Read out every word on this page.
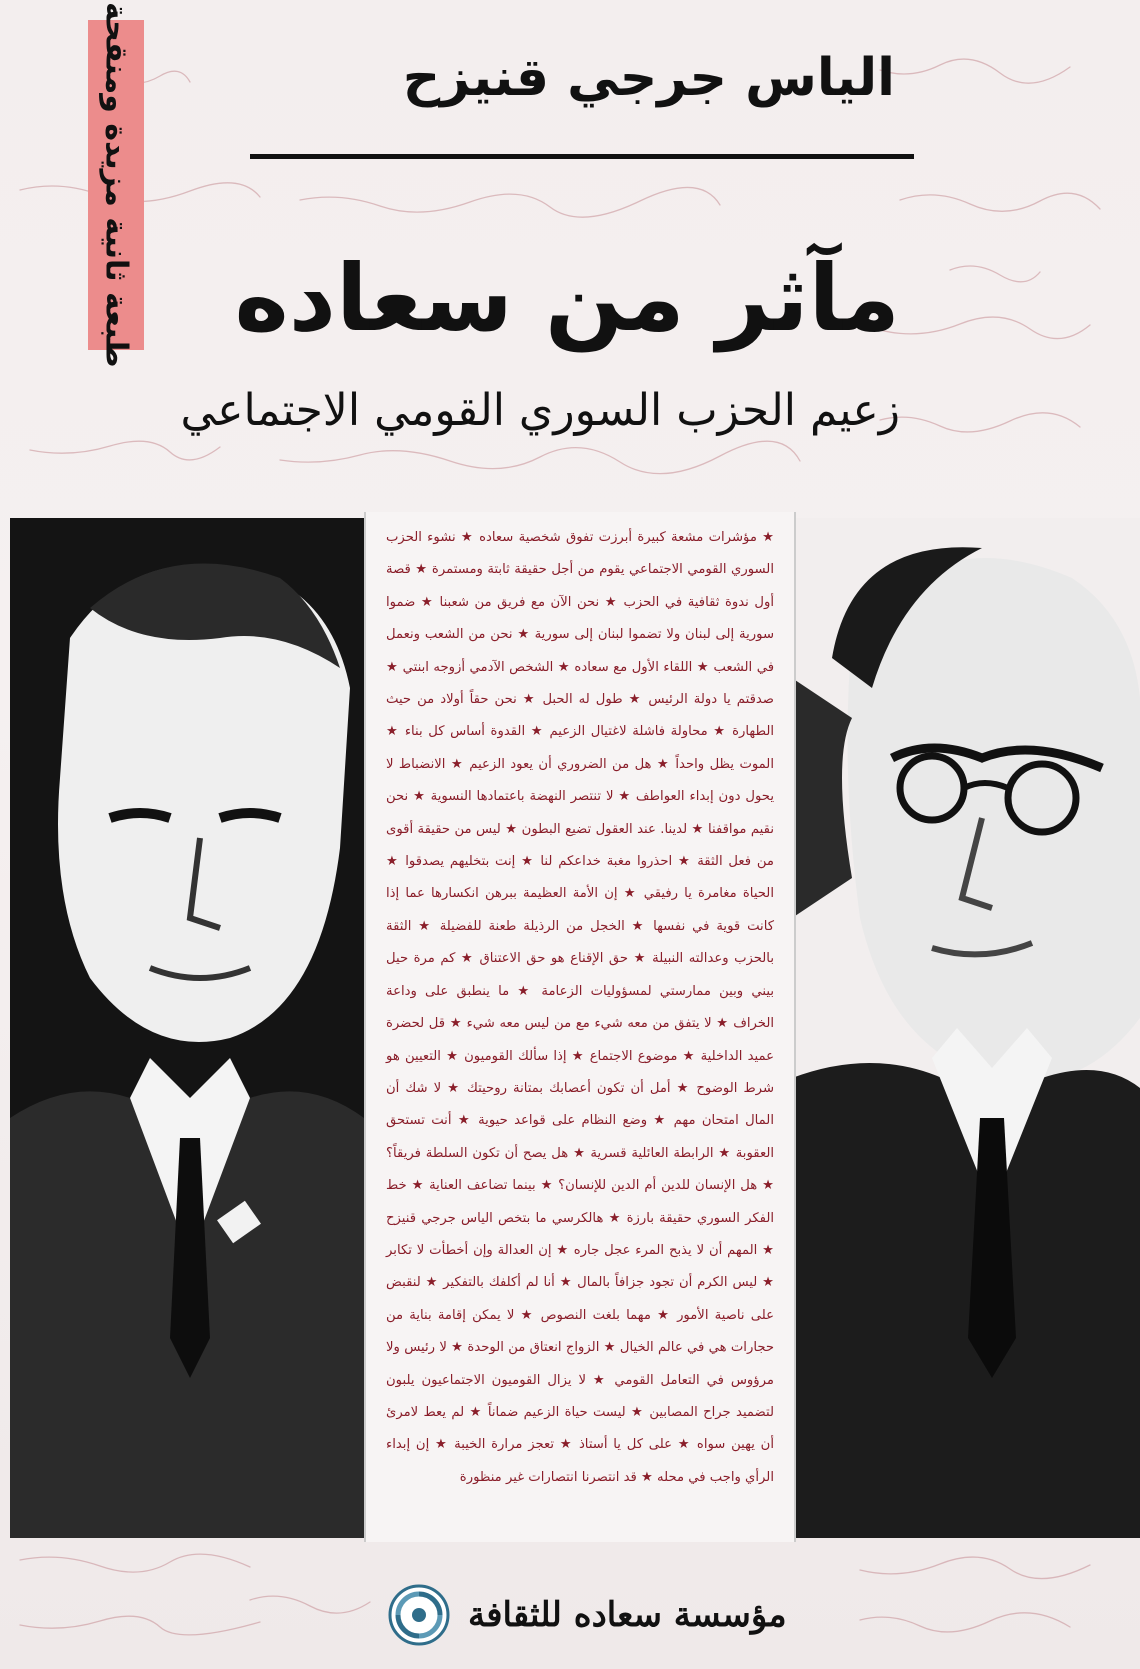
طبعة ثانية مزيدة ومنقحة	الياس جرجي قنيزح
مآثر من سعاده
زعيم الحزب السوري القومي الاجتماعي

★ مؤشرات مشعة كبيرة أبرزت تفوق شخصية سعاده ★ نشوء الحزب السوري القومي الاجتماعي يقوم من أجل حقيقة ثابتة ومستمرة ★ قصة أول ندوة ثقافية في الحزب ★ نحن الآن مع فريق من شعبنا ★ ضموا سورية إلى لبنان ولا تضموا لبنان إلى سورية ★ نحن من الشعب ونعمل في الشعب ★ اللقاء الأول مع سعاده ★ الشخص الآدمي أزوجه ابنتي ★ صدقتم يا دولة الرئيس ★ طول له الحبل ★ نحن حقاً أولاد من حيث الطهارة ★ محاولة فاشلة لاغتيال الزعيم ★ القدوة أساس كل بناء ★ الموت يظل واحداً ★ هل من الضروري أن يعود الزعيم ★ الانضباط لا يحول دون إبداء العواطف ★ لا تنتصر النهضة باعتمادها النسوية ★ نحن نقيم مواقفنا ★ لدينا. عند العقول تضيع البطون ★ ليس من حقيقة أقوى من فعل الثقة ★ احذروا مغبة خداعكم لنا ★ إنت بتخليهم يصدقوا ★ الحياة مغامرة يا رفيقي ★ إن الأمة العظيمة ببرهن انكسارها عما إذا كانت قوية في نفسها ★ الخجل من الرذيلة طعنة للفضيلة ★ الثقة بالحزب وعدالته النبيلة ★ حق الإقناع هو حق الاعتناق ★ كم مرة حيل بيني وبين ممارستي لمسؤوليات الزعامة ★ ما ينطبق على وداعة الخراف ★ لا يتفق من معه شيء مع من ليس معه شيء ★ قل لحضرة عميد الداخلية ★ موضوع الاجتماع ★ إذا سألك القوميون ★ التعيين هو شرط الوضوح ★ أمل أن تكون أعصابك بمتانة روحيتك ★ لا شك أن المال امتحان مهم ★ وضع النظام على قواعد حيوية ★ أنت تستحق العقوبة ★ الرابطة العائلية قسرية ★ هل يصح أن تكون السلطة فريقاً؟ ★ هل الإنسان للدين أم الدين للإنسان؟ ★ بينما تضاعف العناية ★ خط الفكر السوري حقيقة بارزة ★ هالكرسي ما بتخص الياس جرجي قنيزح ★ المهم أن لا يذبح المرء عجل جاره ★ إن العدالة وإن أخطأت لا تكابر ★ ليس الكرم أن تجود جزافاً بالمال ★ أنا لم أكلفك بالتفكير ★ لنقبض على ناصية الأمور ★ مهما بلغت النصوص ★ لا يمكن إقامة بناية من حجارات هي في عالم الخيال ★ الزواج انعتاق من الوحدة ★ لا رئيس ولا مرؤوس في التعامل القومي ★ لا يزال القوميون الاجتماعيون يلبون لتضميد جراح المصابين ★ ليست حياة الزعيم ضماناً ★ لم يعط لامرئ أن يهين سواه ★ على كل يا أستاذ ★ تعجز مرارة الخيبة ★ إن إبداء الرأي واجب في محله ★ قد انتصرنا انتصارات غير منظورة

مؤسسة سعاده للثقافة
